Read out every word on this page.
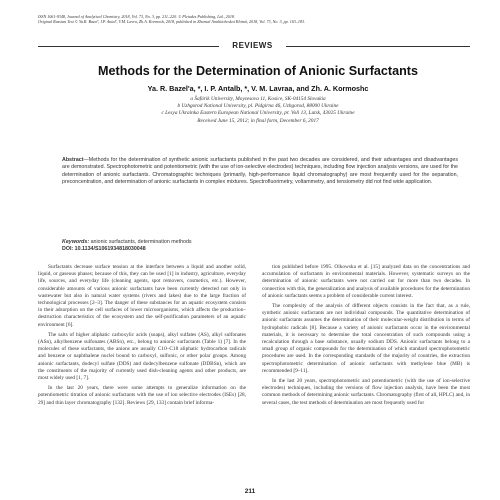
ISSN 1061-9348, Journal of Analytical Chemistry, 2018, Vol. 73, No. 3, pp. 211–220. © Pleiades Publishing, Ltd., 2018.
Original Russian Text © Ya.R. Bazel', I.P. Antal', V.M. Lavra, Zh.A. Kormosh, 2018, published in Zhurnal Analiticheskoi Khimii, 2018, Vol. 73, No. 3, pp. 163–183.
REVIEWS
Methods for the Determination of Anionic Surfactants
Ya. R. Bazel'a, *, I. P. Antalb, *, V. M. Lavraa, and Zh. A. Kormoshc
a Šafárik University, Moyzesova 11, Kosice, SK-04154 Slovakia
b Uzhgorod National University, pl. Pidgirna 46, Uzhgorod, 88000 Ukraine
c Lesya Ukrainka Eastern European National University, pr. Voli 13, Lutsk, 43025 Ukraine
Received June 15, 2012; in final form, December 6, 2017
Abstract—Methods for the determination of synthetic anionic surfactants published in the past two decades are considered, and their advantages and disadvantages are demonstrated. Spectrophotometric and potentiometric (with the use of ion-selective electrodes) techniques, including flow injection analysis versions, are used for the determination of anionic surfactants. Chromatographic techniques (primarily, high-performance liquid chromatography) are most frequently used for the separation, preconcentration, and determination of anionic surfactants in complex mixtures. Spectrofluorimetry, voltammetry, and tensiometry did not find wide application.
Keywords: anionic surfactants, determination methods
DOI: 10.1134/S1061934818030048

Surfactants decrease surface tension at the interface between a liquid and another solid, liquid, or gaseous phases; because of this, they can be used [1] in industry, agriculture, everyday life, sources, and everyday life (cleaning agents, spot removers, cosmetics, etc.). However, considerable amounts of various anionic surfactants have been currently detected not only in wastewater but also in natural water systems (rivers and lakes) due to the large fraction of technological processes [2–3]. The danger of these substances for an aquatic ecosystem consists in their adsorption on the cell surfaces of lower microorganisms, which affects the production–destruction characteristics of the ecosystem and the self-purification parameters of an aquatic environment [6].

The salts of higher aliphatic carboxylic acids (soaps), alkyl sulfates (AS), alkyl sulfonates (ASn), alkylbenzene sulfonates (ABSn), etc., belong to anionic surfactants (Table 1) [7]. In the molecules of these surfactants, the anions are usually C10–C18 aliphatic hydrocarbon radicals and benzene or naphthalene nuclei bound to carboxyl, sulfonic, or other polar groups. Among anionic surfactants, dodecyl sulfate (DDS) and dodecylbenzene sulfonate (DDBSn), which are the constituents of the majority of currently used dish-cleaning agents and other products, are most widely used [1, 7].

In the last 20 years, there were some attempts to generalize information on the potentiometric titration of anionic surfactants with the use of ion selective electrodes (ISEs) [28, 29] and thin layer chromatography [132]. Reviews [29, 133] contain brief informa-

tion published before 1995. Olkowska et al. [15] analyzed data on the concentrations and accumulation of surfactants in environmental materials. However, systematic surveys on the determination of anionic surfactants were not carried out for more than two decades. In connection with this, the generalization and analysis of available procedures for the determination of anionic surfactants seems a problem of considerable current interest.

The complexity of the analysis of different objects consists in the fact that, as a rule, synthetic anionic surfactants are not individual compounds. The quantitative determination of anionic surfactants assumes the determination of their molecular-weight distribution in terms of hydrophobic radicals [8]. Because a variety of anionic surfactants occur in the environmental materials, it is necessary to determine the total concentration of such compounds using a recalculation through a base substance, usually sodium DDS. Anionic surfactants belong to a small group of organic compounds for the determination of which standard spectrophotometric procedures are used. In the corresponding standards of the majority of countries, the extraction spectrophotometric determination of anionic surfactants with methylene blue (MB) is recommended [9–11].

In the last 20 years, spectrophotometric and potentiometric (with the use of ion-selective electrodes) techniques, including the versions of flow injection analysis, have been the most common methods of determining anionic surfactants. Chromatography (first of all, HPLC) and, in several cases, the test methods of determination are most frequently used for

211
